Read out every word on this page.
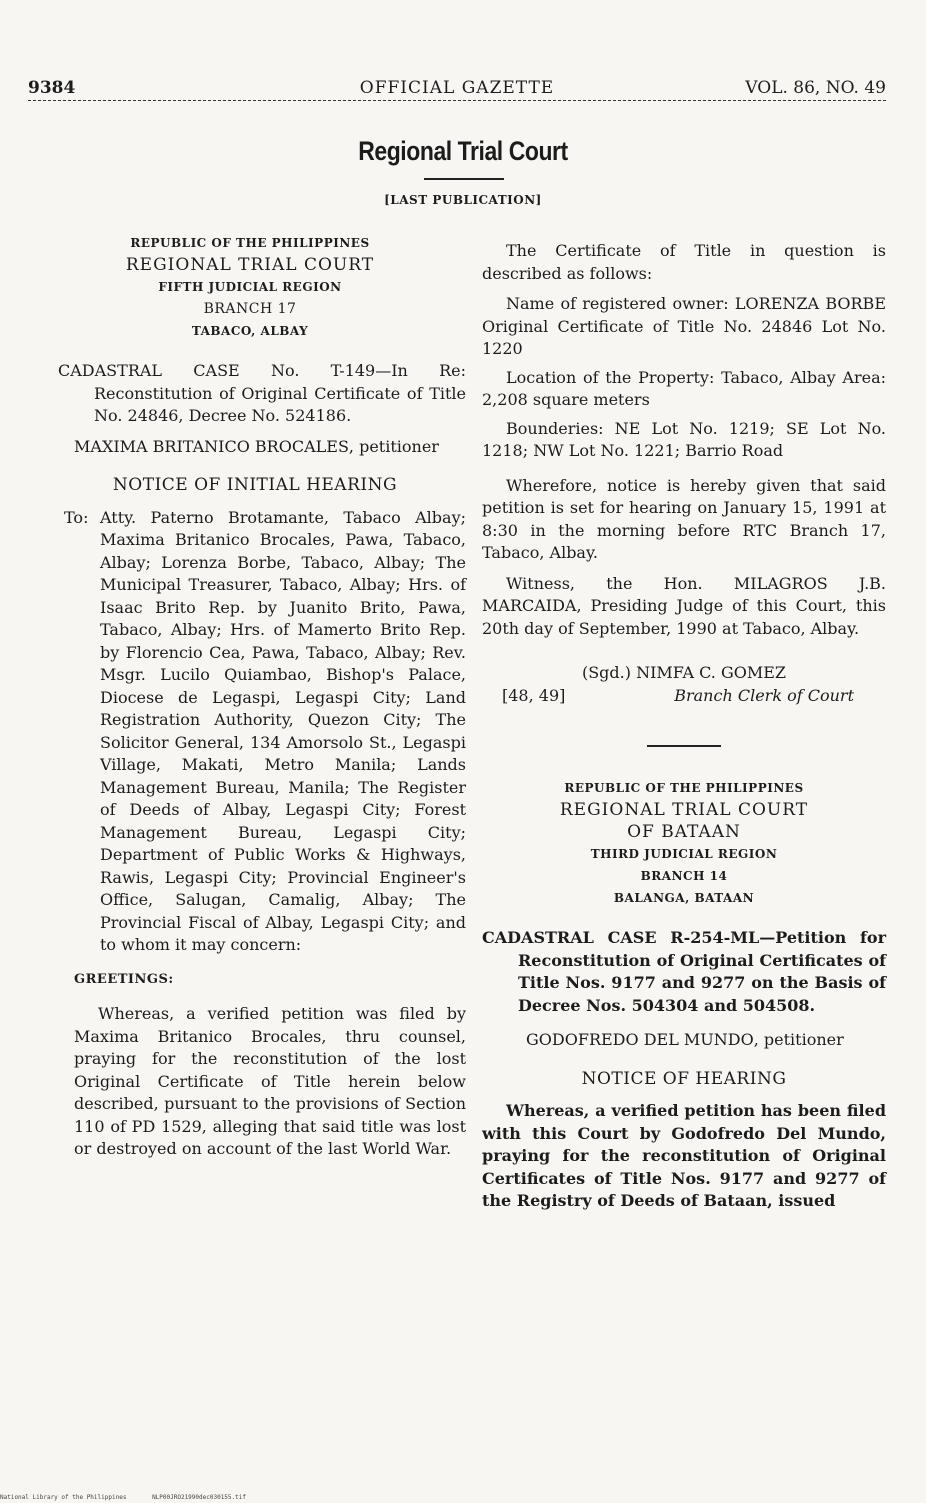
9384	OFFICIAL GAZETTE	VOL. 86, NO. 49
Regional Trial Court
[LAST PUBLICATION]
REPUBLIC OF THE PHILIPPINES
REGIONAL TRIAL COURT
FIFTH JUDICIAL REGION
BRANCH 17
TABACO, ALBAY

CADASTRAL CASE No. T-149—In Re: Reconstitution of Original Certificate of Title No. 24846, Decree No. 524186.

MAXIMA BRITANICO BROCALES, petitioner

NOTICE OF INITIAL HEARING

To: Atty. Paterno Brotamante, Tabaco Albay; Maxima Britanico Brocales, Pawa, Tabaco, Albay; Lorenza Borbe, Tabaco, Albay; The Municipal Treasurer, Tabaco, Albay; Hrs. of Isaac Brito Rep. by Juanito Brito, Pawa, Tabaco, Albay; Hrs. of Mamerto Brito Rep. by Florencio Cea, Pawa, Tabaco, Albay; Rev. Msgr. Lucilo Quiambao, Bishop's Palace, Diocese de Legaspi, Legaspi City; Land Registration Authority, Quezon City; The Solicitor General, 134 Amorsolo St., Legaspi Village, Makati, Metro Manila; Lands Management Bureau, Manila; The Register of Deeds of Albay, Legaspi City; Forest Management Bureau, Legaspi City; Department of Public Works & Highways, Rawis, Legaspi City; Provincial Engineer's Office, Salugan, Camalig, Albay; The Provincial Fiscal of Albay, Legaspi City; and to whom it may concern:

GREETINGS:

Whereas, a verified petition was filed by Maxima Britanico Brocales, thru counsel, praying for the reconstitution of the lost Original Certificate of Title herein below described, pursuant to the provisions of Section 110 of PD 1529, alleging that said title was lost or destroyed on account of the last World War.

The Certificate of Title in question is described as follows:

Name of registered owner: LORENZA BORBE Original Certificate of Title No. 24846 Lot No. 1220

Location of the Property: Tabaco, Albay Area: 2,208 square meters

Bounderies: NE Lot No. 1219; SE Lot No. 1218; NW Lot No. 1221; Barrio Road

Wherefore, notice is hereby given that said petition is set for hearing on January 15, 1991 at 8:30 in the morning before RTC Branch 17, Tabaco, Albay.

Witness, the Hon. MILAGROS J.B. MARCAIDA, Presiding Judge of this Court, this 20th day of September, 1990 at Tabaco, Albay.

(Sgd.) NIMFA C. GOMEZ

[48, 49]	Branch Clerk of Court
REPUBLIC OF THE PHILIPPINES
REGIONAL TRIAL COURT
OF BATAAN
THIRD JUDICIAL REGION
BRANCH 14
BALANGA, BATAAN

CADASTRAL CASE R-254-ML—Petition for Reconstitution of Original Certificates of Title Nos. 9177 and 9277 on the Basis of Decree Nos. 504304 and 504508.

GODOFREDO DEL MUNDO, petitioner

NOTICE OF HEARING

Whereas, a verified petition has been filed with this Court by Godofredo Del Mundo, praying for the reconstitution of Original Certificates of Title Nos. 9177 and 9277 of the Registry of Deeds of Bataan, issued

National Library of the Philippines	NLP00JRO21990dec030155.tif
